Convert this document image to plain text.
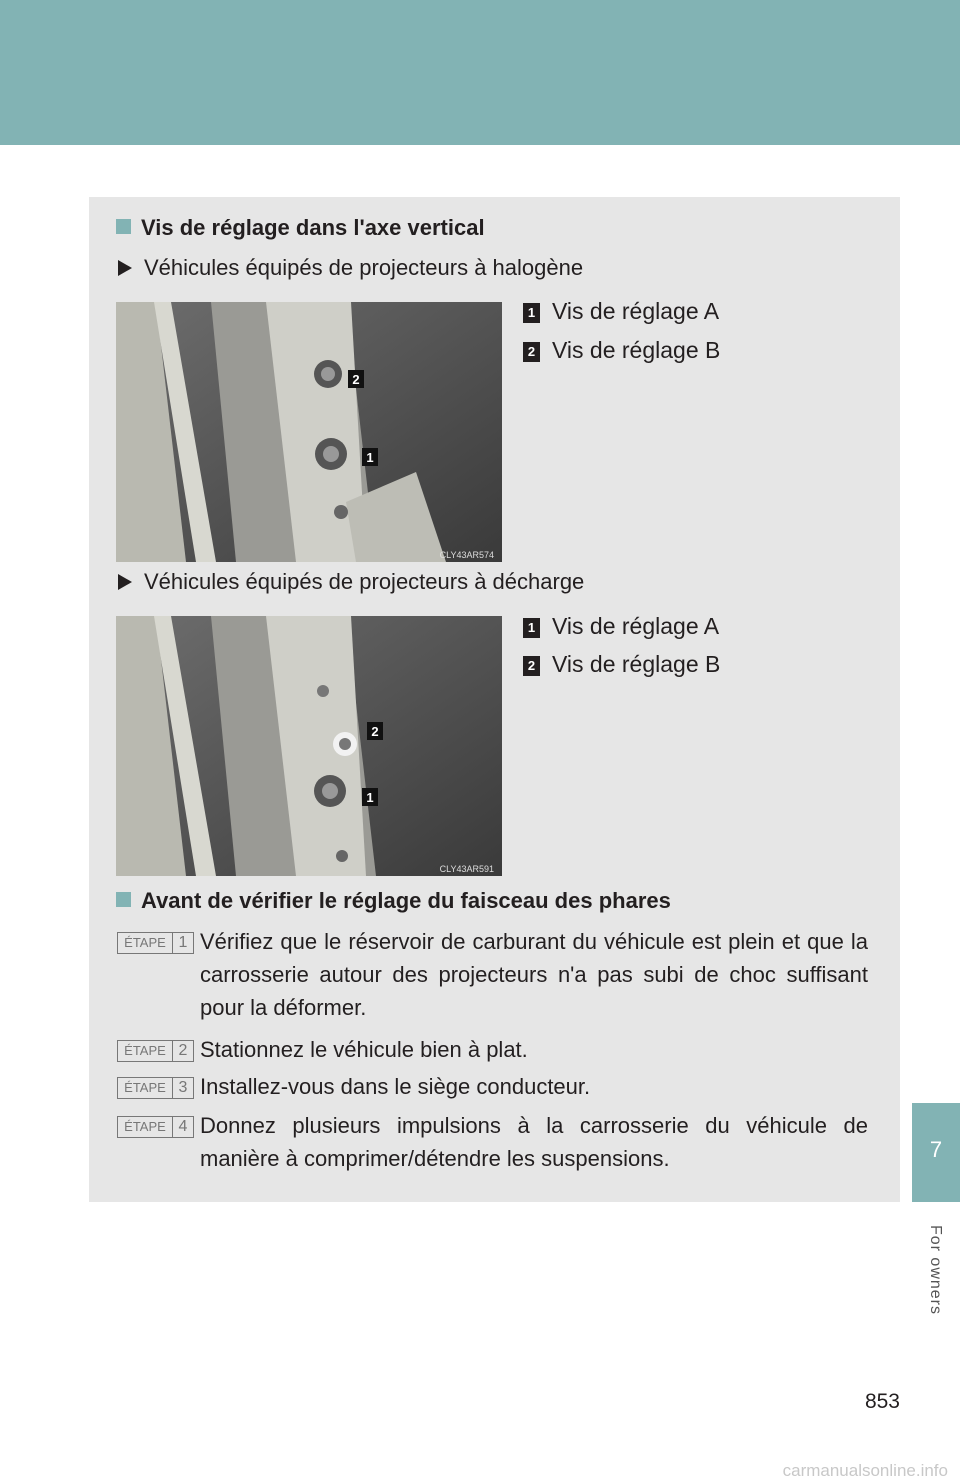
7
For owners
Vis de réglage dans l'axe vertical
Véhicules équipés de projecteurs à halogène
2
1
CLY43AR574
1 Vis de réglage A
2 Vis de réglage B
Véhicules équipés de projecteurs à décharge
2
1
CLY43AR591
1 Vis de réglage A
2 Vis de réglage B
Avant de vérifier le réglage du faisceau des phares
ÉTAPE 1 Vérifiez que le réservoir de carburant du véhicule est plein et que la carrosserie autour des projecteurs n'a pas subi de choc suffisant pour la déformer.
ÉTAPE 2 Stationnez le véhicule bien à plat.
ÉTAPE 3 Installez-vous dans le siège conducteur.
ÉTAPE 4 Donnez plusieurs impulsions à la carrosserie du véhicule de manière à comprimer/détendre les suspensions.
853
carmanualsonline.info
